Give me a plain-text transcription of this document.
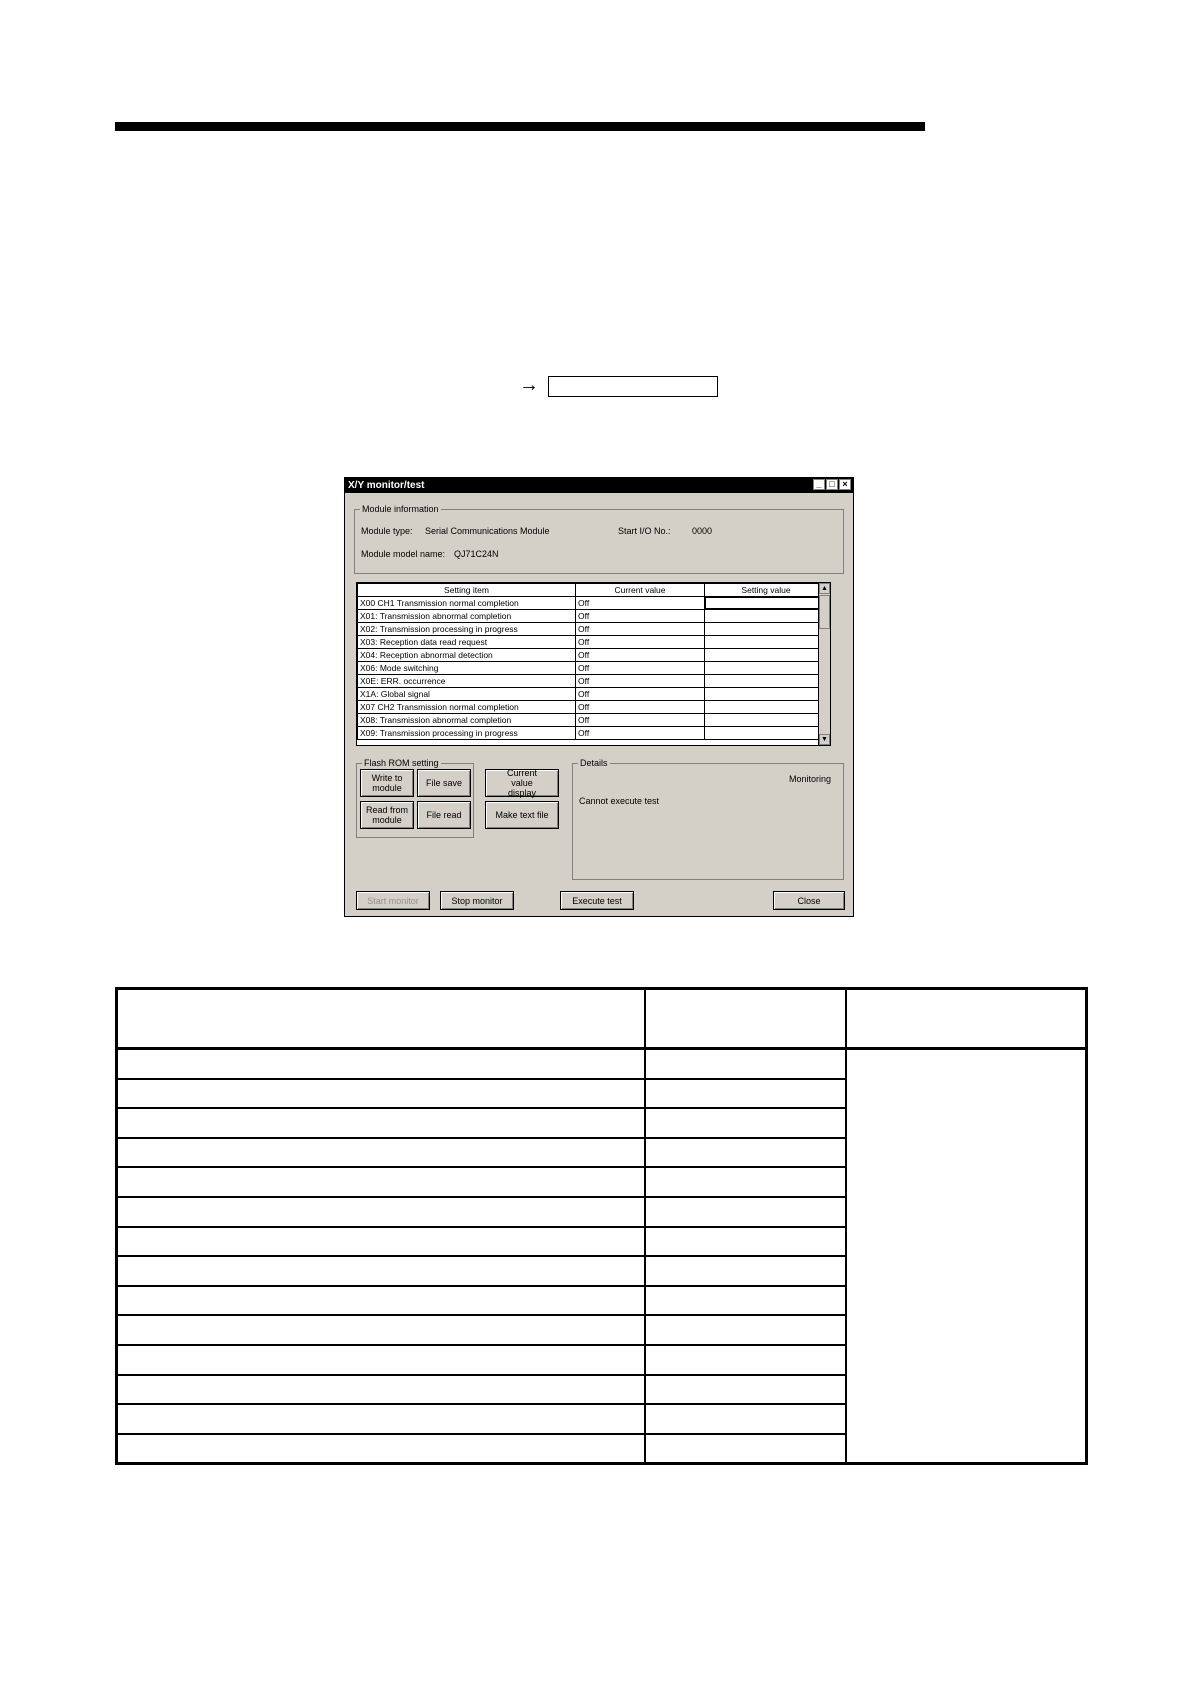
→
X/Y monitor/test	_ □ ×
Module information
Module type: Serial Communications Module	Start I/O No.: 0000
Module model name: QJ71C24N
Setting item	Current value	Setting value
X00 CH1 Transmission normal completion	Off	
X01: Transmission abnormal completion	Off	
X02: Transmission processing in progress	Off	
X03: Reception data read request	Off	
X04: Reception abnormal detection	Off	
X06: Mode switching	Off	
X0E: ERR. occurrence	Off	
X1A: Global signal	Off	
X07 CH2 Transmission normal completion	Off	
X08: Transmission abnormal completion	Off	
X09: Transmission processing in progress	Off	
▲
▼
Flash ROM setting
Write to module	File save
Read from module	File read
Current value display
Make text file
Details
Monitoring
Cannot execute test
Start monitor	Stop monitor	Execute test	Close
